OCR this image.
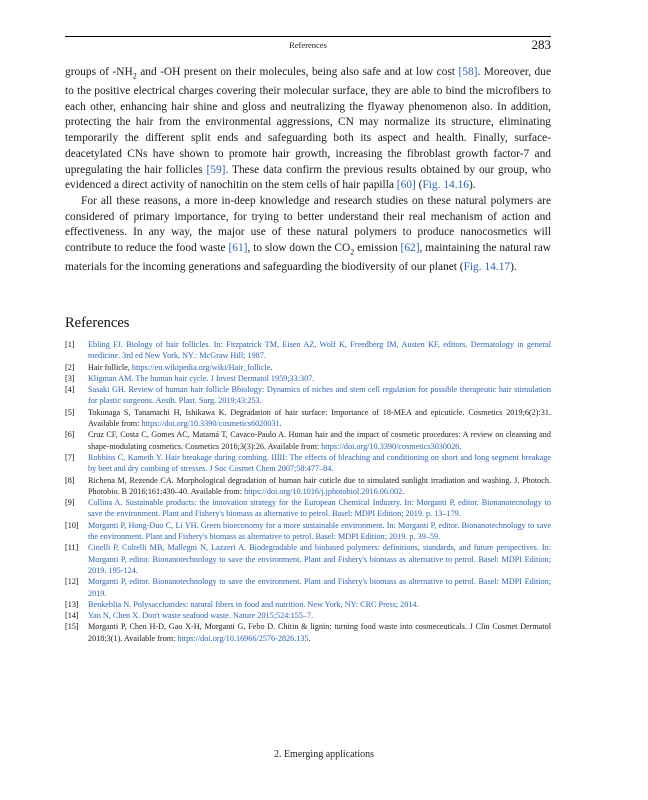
References	283

groups of $-NH_2$ and -OH present on their molecules, being also safe and at low cost [58]. Moreover, due to the positive electrical charges covering their molecular surface, they are able to bind the microfibers to each other, enhancing hair shine and gloss and neutralizing the flyaway phenomenon also. In addition, protecting the hair from the environmental aggressions, CN may normalize its structure, eliminating temporarily the different split ends and safeguarding both its aspect and health. Finally, surface-deacetylated CNs have shown to promote hair growth, increasing the fibroblast growth factor-7 and upregulating the hair follicles [59]. These data confirm the previous results obtained by our group, who evidenced a direct activity of nanochitin on the stem cells of hair papilla [60] (Fig. 14.16).

For all these reasons, a more in-deep knowledge and research studies on these natural polymers are considered of primary importance, for trying to better understand their real mechanism of action and effectiveness. In any way, the major use of these natural polymers to produce nanocosmetics will contribute to reduce the food waste [61], to slow down the $CO_2$ emission [62], maintaining the natural raw materials for the incoming generations and safeguarding the biodiversity of our planet (Fig. 14.17).

References
[1] Ebling FJ. Biology of hair follicles. In: Fitzpatrick TM, Eisen AZ, Wolf K, Freedberg IM, Austen KF, editors. Dermatology in general medicine. 3rd ed New York, NY.: McGraw Hill; 1987.
[2] Hair follicle, https://en.wikipedia.org/wiki/Hair_follicle.
[3] Kligman AM. The human hair cycle. J Invest Dermatol 1959;33:307.
[4] Sasaki GH. Review of human hair follicle Bbiology: Dynamics of niches and stem cell regulation for possible therapeutic hair stimulation for plastic surgeons. Aesth. Plast. Surg. 2019;43:253.
[5] Tokunaga S, Tanamachi H, Ishikawa K. Degradation of hair surface: Importance of 18-MEA and epicuticle. Cosmetics 2019;6(2):31. Available from: https://doi.org/10.3390/cosmetics6020031.
[6] Cruz CF, Costa C, Gomes AC, Matamá T, Cavaco-Paulo A. Human hair and the impact of cosmetic procedures: A review on cleansing and shape-modulating cosmetics. Cosmetics 2016;3(3):26. Available from: https://doi.org/10.3390/cosmetics3030026.
[7] Robbins C, Kameth Y. Hair breakage during combing. IIIII: The effects of bleaching and conditioning on short and long segment breakage by beet and dry combing of stresses. J Soc Cosmet Chem 2007;58:477–84.
[8] Richena M, Rezende CA. Morphological degradation of human hair cuticle due to simulated sunlight irradiation and washing. J. Photoch. Photobio. B 2016;161:430–40. Available from: https://doi.org/10.1016/j.jphotobiol.2016.06.002.
[9] Collina A. Sustainable products: the innovation strategy for the European Chemical Industry. In: Morganti P, editor. Bionanotecnology to save the environment. Plant and Fishery's biomass as alternative to petrol. Basel: MDPI Edition; 2019. p. 13–179.
[10] Morganti P, Hong-Duo C, Li YH. Green bioeconomy for a more sustainable environment. In: Morganti P, editor. Bionanotechnology to save the environment. Plant and Fishery's biomass as alternative to petrol. Basel: MDPI Edition; 2019. p. 39–59.
[11] Cinelli P, Coltelli MB, Mallegni N, Lazzeri A. Biodegradable and biobased polymers: definitions, standards, and future perspectives. In: Morganti P, editor. Bionanotechnology to save the environment. Plant and Fishery's biomass as alternative to petrol. Basel: MDPI Edition; 2019. 195-124.
[12] Morganti P, editor. Bionanotechnology to save the environment. Plant and Fishery's biomass as alternative to petrol. Basel: MDPI Edition; 2019.
[13] Benkeblia N. Polysaccharides: natural fibers in food and nutrition. New York, NY: CRC Press; 2014.
[14] Yan N, Chen X. Don't waste seafood waste. Nature 2015;524:155–7.
[15] Morganti P, Chen H-D, Gao X-H, Morganti G, Febo D. Chitin & lignin: turning food waste into cosmeceuticals. J Clin Cosmet Dermatol 2018;3(1). Available from: https://doi.org/10.16966/2576-2826.135.
2. Emerging applications
